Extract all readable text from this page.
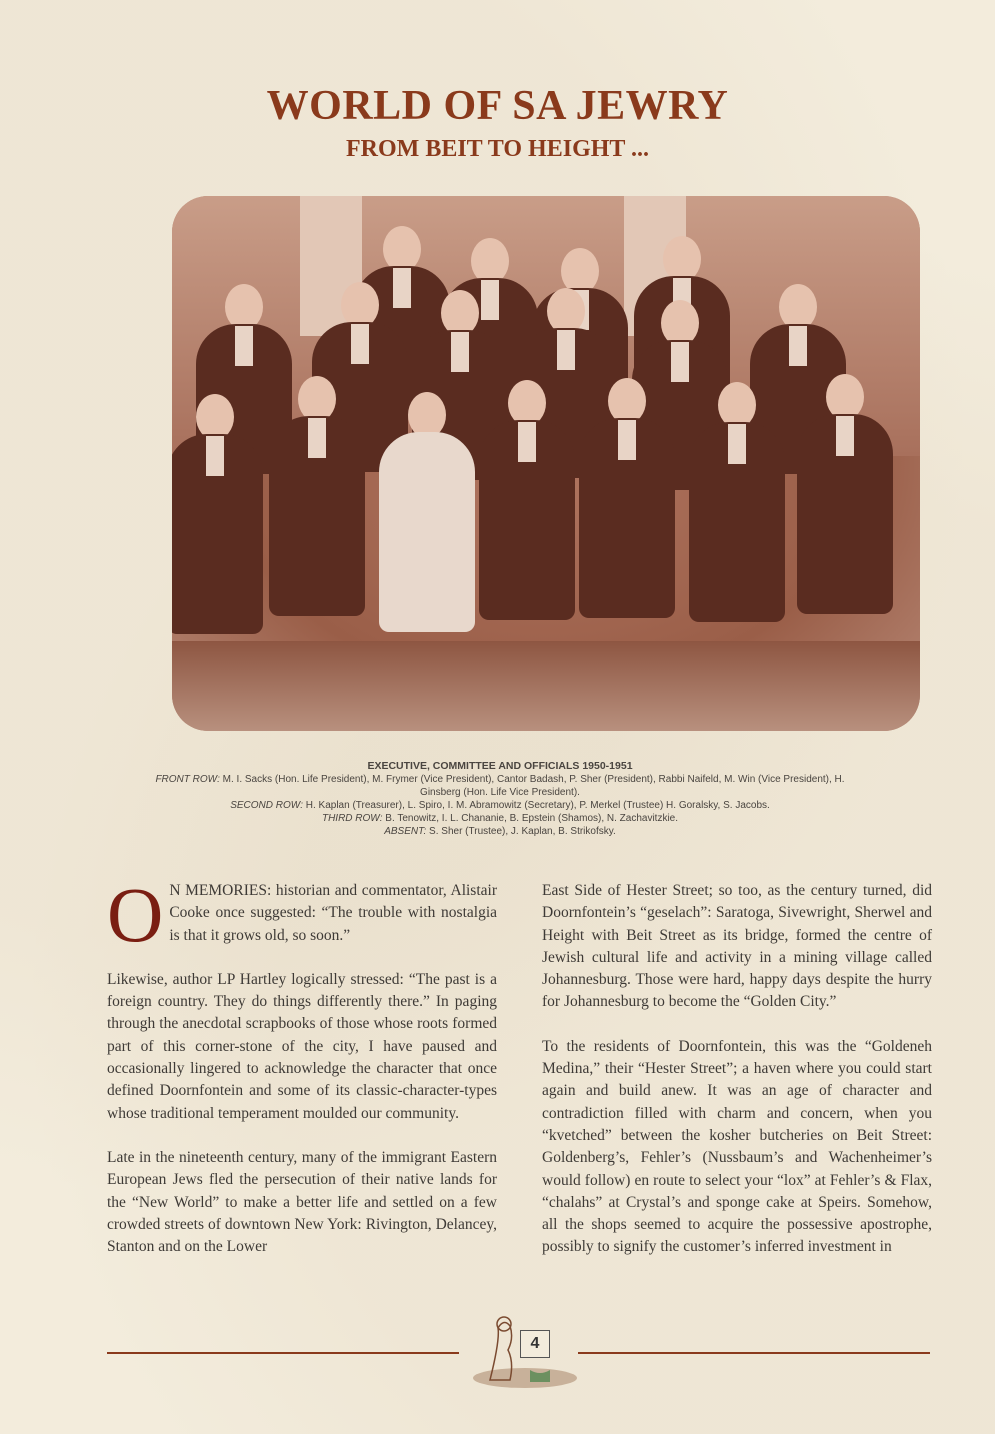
WORLD OF SA JEWRY
FROM BEIT TO HEIGHT ...
EXECUTIVE, COMMITTEE AND OFFICIALS 1950-1951
FRONT ROW: M. I. Sacks (Hon. Life President), M. Frymer (Vice President), Cantor Badash, P. Sher (President), Rabbi Naifeld, M. Win (Vice President), H. Ginsberg (Hon. Life Vice President).
SECOND ROW: H. Kaplan (Treasurer), L. Spiro, I. M. Abramowitz (Secretary), P. Merkel (Trustee) H. Goralsky, S. Jacobs.
THIRD ROW: B. Tenowitz, I. L. Chananie, B. Epstein (Shamos), N. Zachavitzkie.
ABSENT: S. Sher (Trustee), J. Kaplan, B. Strikofsky.

O N MEMORIES: historian and commentator, Alistair Cooke once suggested: “The trouble with nostalgia is that it grows old, so soon.”

Likewise, author LP Hartley logically stressed: “The past is a foreign country. They do things differently there.” In paging through the anecdotal scrapbooks of those whose roots formed part of this corner-stone of the city, I have paused and occasionally lingered to acknowledge the character that once defined Doornfontein and some of its classic-character-types whose traditional temperament moulded our community.

Late in the nineteenth century, many of the immigrant Eastern European Jews fled the persecution of their native lands for the “New World” to make a better life and settled on a few crowded streets of downtown New York: Rivington, Delancey, Stanton and on the Lower

East Side of Hester Street; so too, as the century turned, did Doornfontein’s “geselach”: Saratoga, Sivewright, Sherwel and Height with Beit Street as its bridge, formed the centre of Jewish cultural life and activity in a mining village called Johannesburg. Those were hard, happy days despite the hurry for Johannesburg to become the “Golden City.”

To the residents of Doornfontein, this was the “Goldeneh Medina,” their “Hester Street”; a haven where you could start again and build anew. It was an age of character and contradiction filled with charm and concern, when you “kvetched” between the kosher butcheries on Beit Street: Goldenberg’s, Fehler’s (Nussbaum’s and Wachenheimer’s would follow) en route to select your “lox” at Fehler’s & Flax, “chalahs” at Crystal’s and sponge cake at Speirs. Somehow, all the shops seemed to acquire the possessive apostrophe, possibly to signify the customer’s inferred investment in

4
